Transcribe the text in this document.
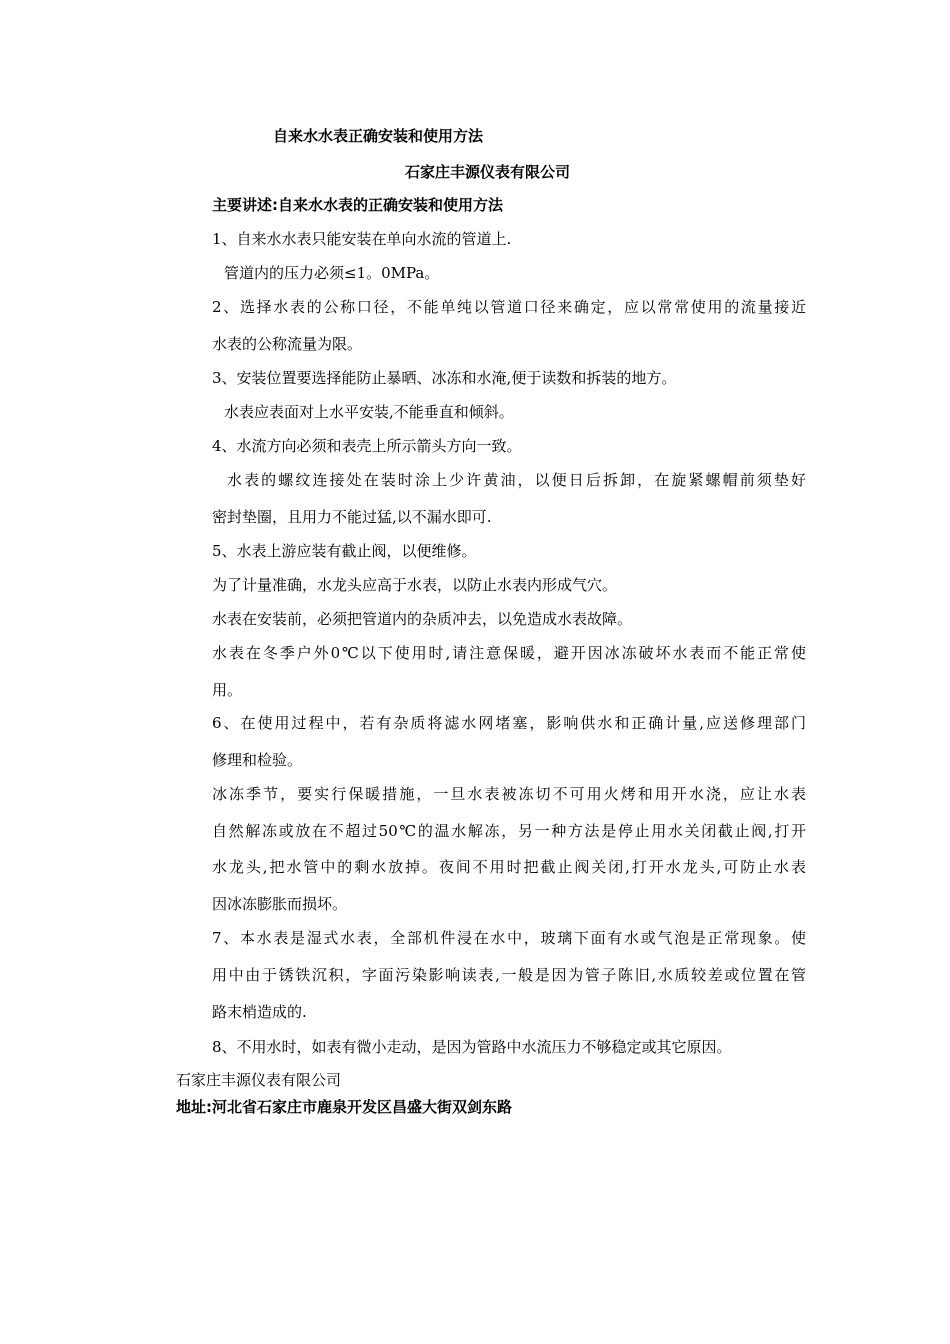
自来水水表正确安装和使用方法

石家庄丰源仪表有限公司

主要讲述:自来水水表的正确安装和使用方法

1、自来水水表只能安装在单向水流的管道上.

管道内的压力必须≤1。0MPa。

2、选择水表的公称口径，不能单纯以管道口径来确定，应以常常使用的流量接近

水表的公称流量为限。

3、安装位置要选择能防止暴晒、冰冻和水淹,便于读数和拆装的地方。

水表应表面对上水平安装,不能垂直和倾斜。

4、水流方向必须和表壳上所示箭头方向一致。

水表的螺纹连接处在装时涂上少许黄油，以便日后拆卸，在旋紧螺帽前须垫好

密封垫圈，且用力不能过猛,以不漏水即可.

5、水表上游应装有截止阀，以便维修。

为了计量准确，水龙头应高于水表，以防止水表内形成气穴。

水表在安装前，必须把管道内的杂质冲去，以免造成水表故障。

水表在冬季户外0℃以下使用时,请注意保暖，避开因冰冻破坏水表而不能正常使

用。

6、在使用过程中，若有杂质将滤水网堵塞，影响供水和正确计量,应送修理部门

修理和检验。

冰冻季节，要实行保暖措施，一旦水表被冻切不可用火烤和用开水浇，应让水表

自然解冻或放在不超过50℃的温水解冻，另一种方法是停止用水关闭截止阀,打开

水龙头,把水管中的剩水放掉。夜间不用时把截止阀关闭,打开水龙头,可防止水表

因冰冻膨胀而损坏。

7、本水表是湿式水表，全部机件浸在水中，玻璃下面有水或气泡是正常现象。使

用中由于锈铁沉积，字面污染影响读表,一般是因为管子陈旧,水质较差或位置在管

路末梢造成的.

8、不用水时，如表有微小走动，是因为管路中水流压力不够稳定或其它原因。

石家庄丰源仪表有限公司

地址:河北省石家庄市鹿泉开发区昌盛大街双剑东路
